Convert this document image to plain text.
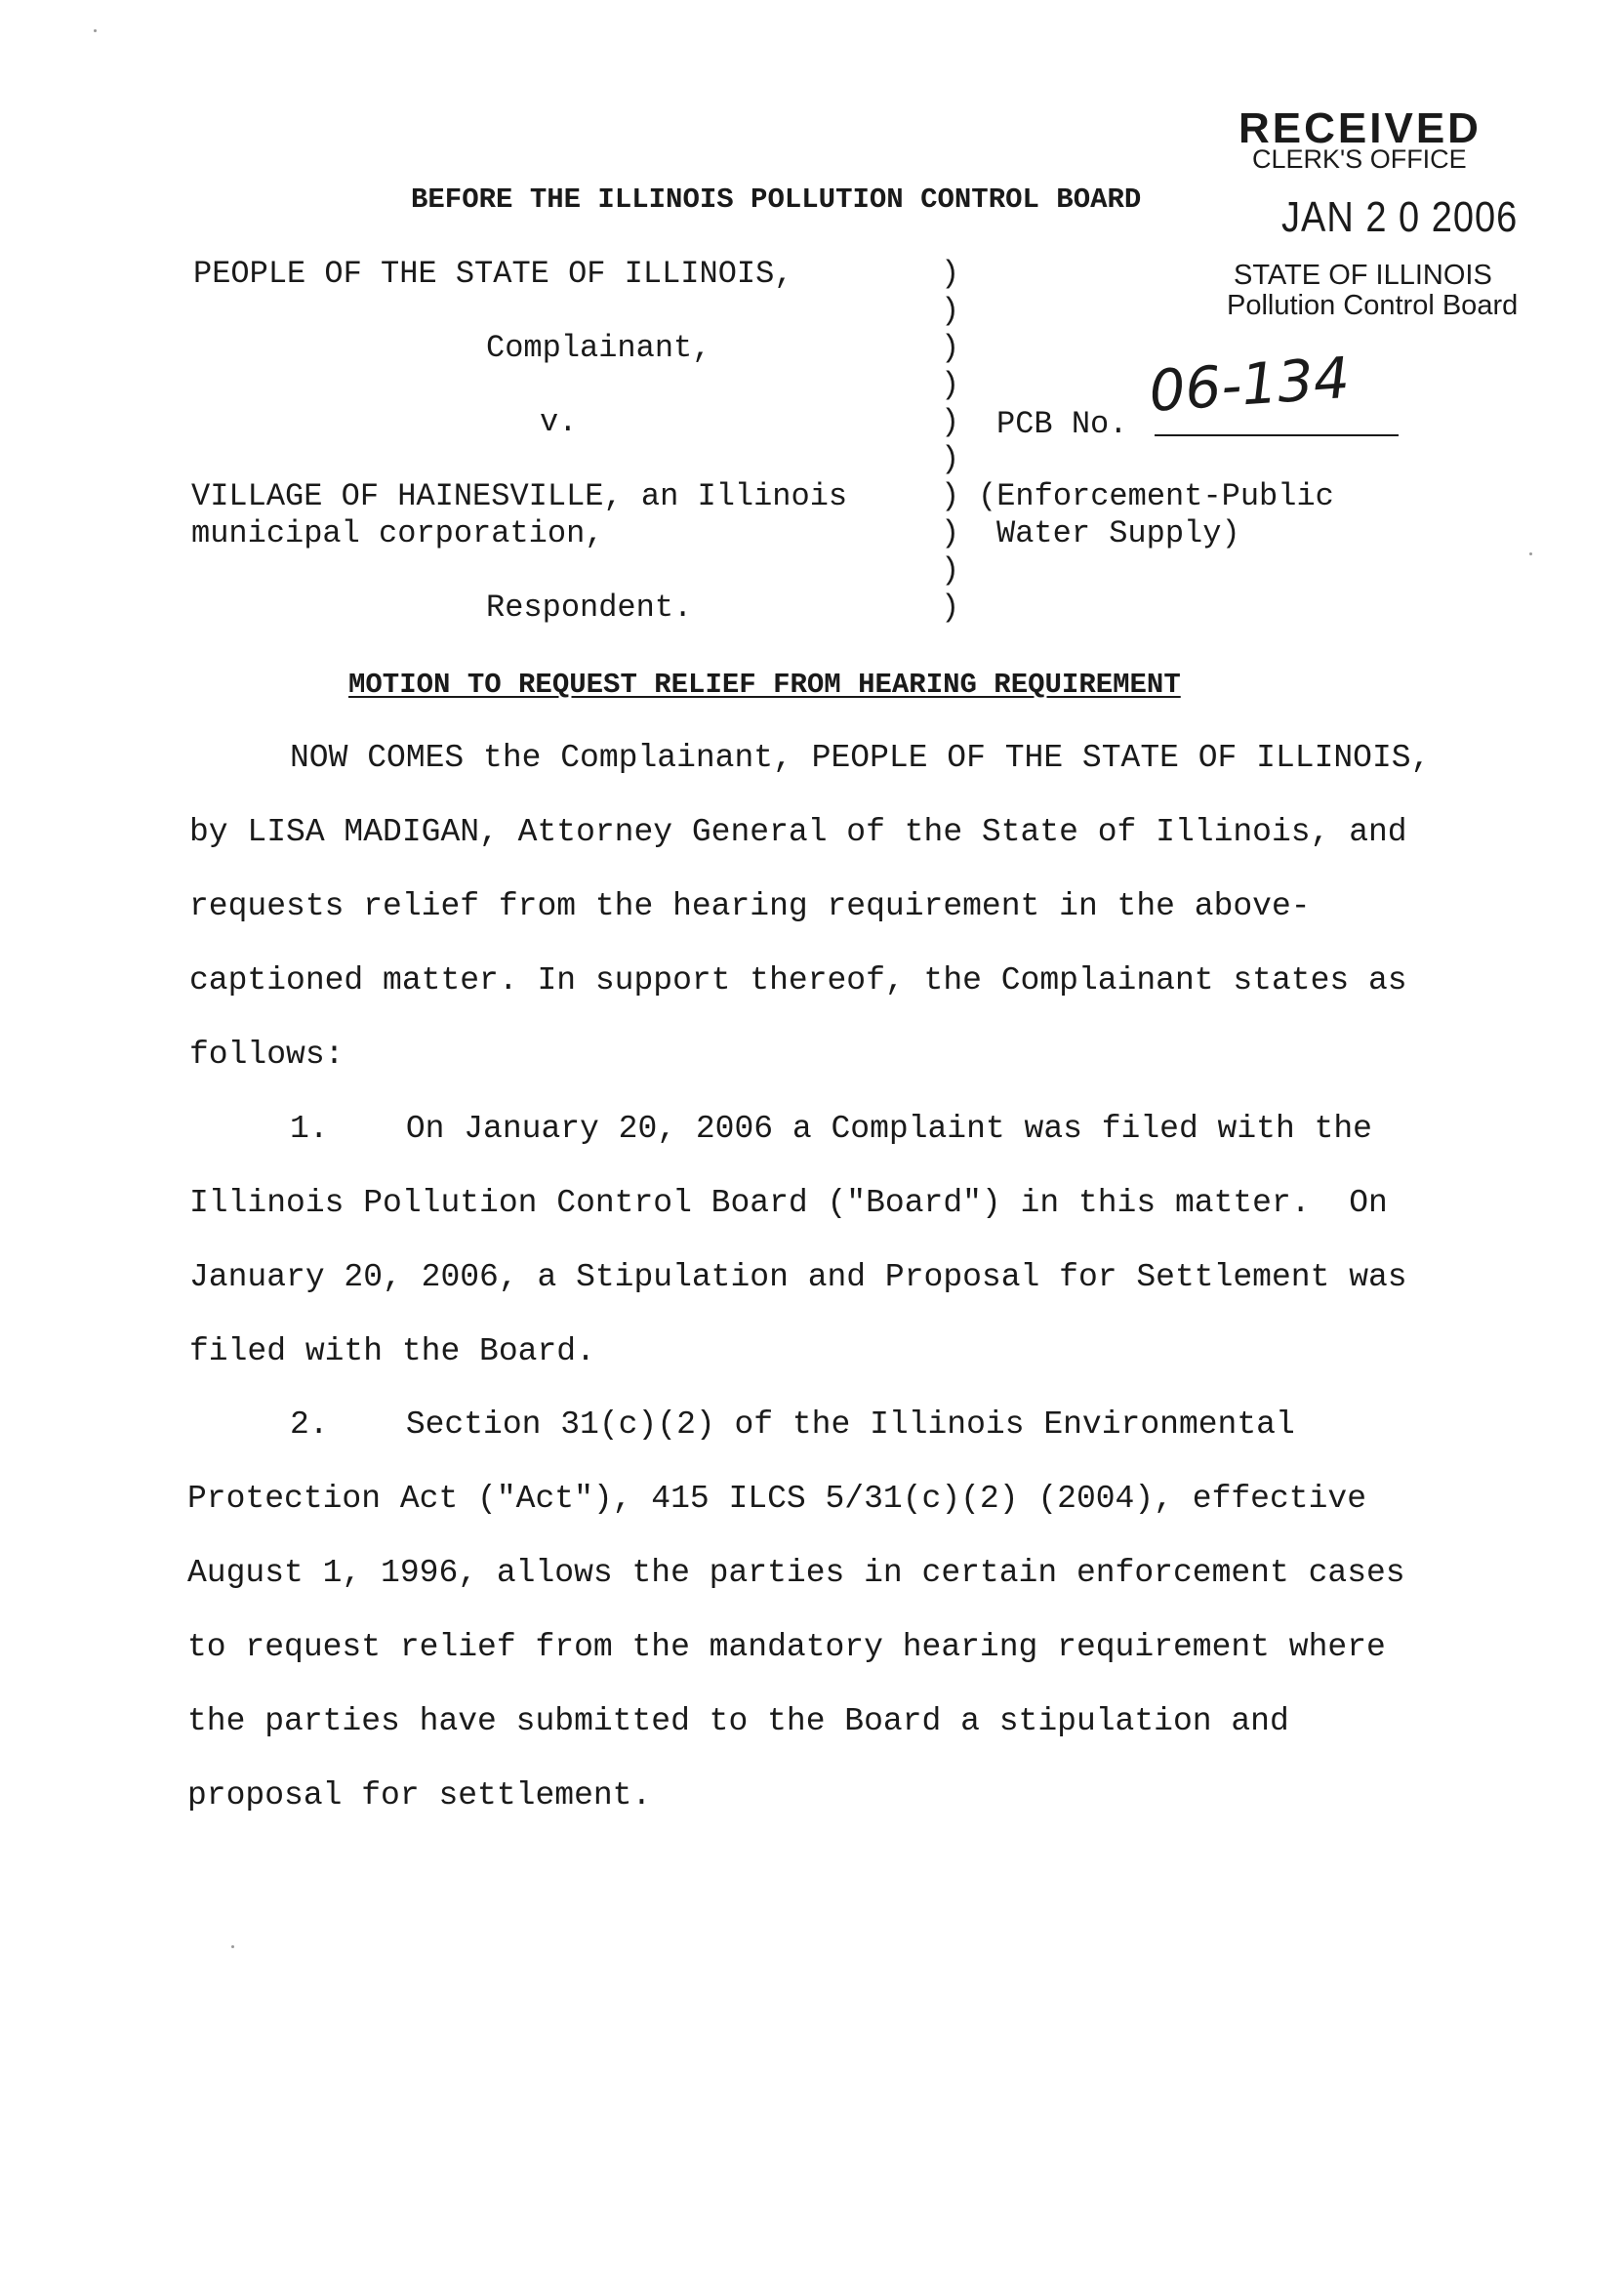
RECEIVED
CLERK'S OFFICE
JAN 2 0 2006
STATE OF ILLINOIS
Pollution Control Board
BEFORE THE ILLINOIS POLLUTION CONTROL BOARD
PEOPLE OF THE STATE OF ILLINOIS,
Complainant,
v.
VILLAGE OF HAINESVILLE, an Illinois
municipal corporation,
Respondent.
)
)
)
)
)
)
)
)
)
)
PCB No. 06-134
(Enforcement-Public
Water Supply)
MOTION TO REQUEST RELIEF FROM HEARING REQUIREMENT
NOW COMES the Complainant, PEOPLE OF THE STATE OF ILLINOIS,
by LISA MADIGAN, Attorney General of the State of Illinois, and
requests relief from the hearing requirement in the above-
captioned matter. In support thereof, the Complainant states as
follows:
1.    On January 20, 2006 a Complaint was filed with the
Illinois Pollution Control Board ("Board") in this matter.  On
January 20, 2006, a Stipulation and Proposal for Settlement was
filed with the Board.
2.    Section 31(c)(2) of the Illinois Environmental
Protection Act ("Act"), 415 ILCS 5/31(c)(2) (2004), effective
August 1, 1996, allows the parties in certain enforcement cases
to request relief from the mandatory hearing requirement where
the parties have submitted to the Board a stipulation and
proposal for settlement.
